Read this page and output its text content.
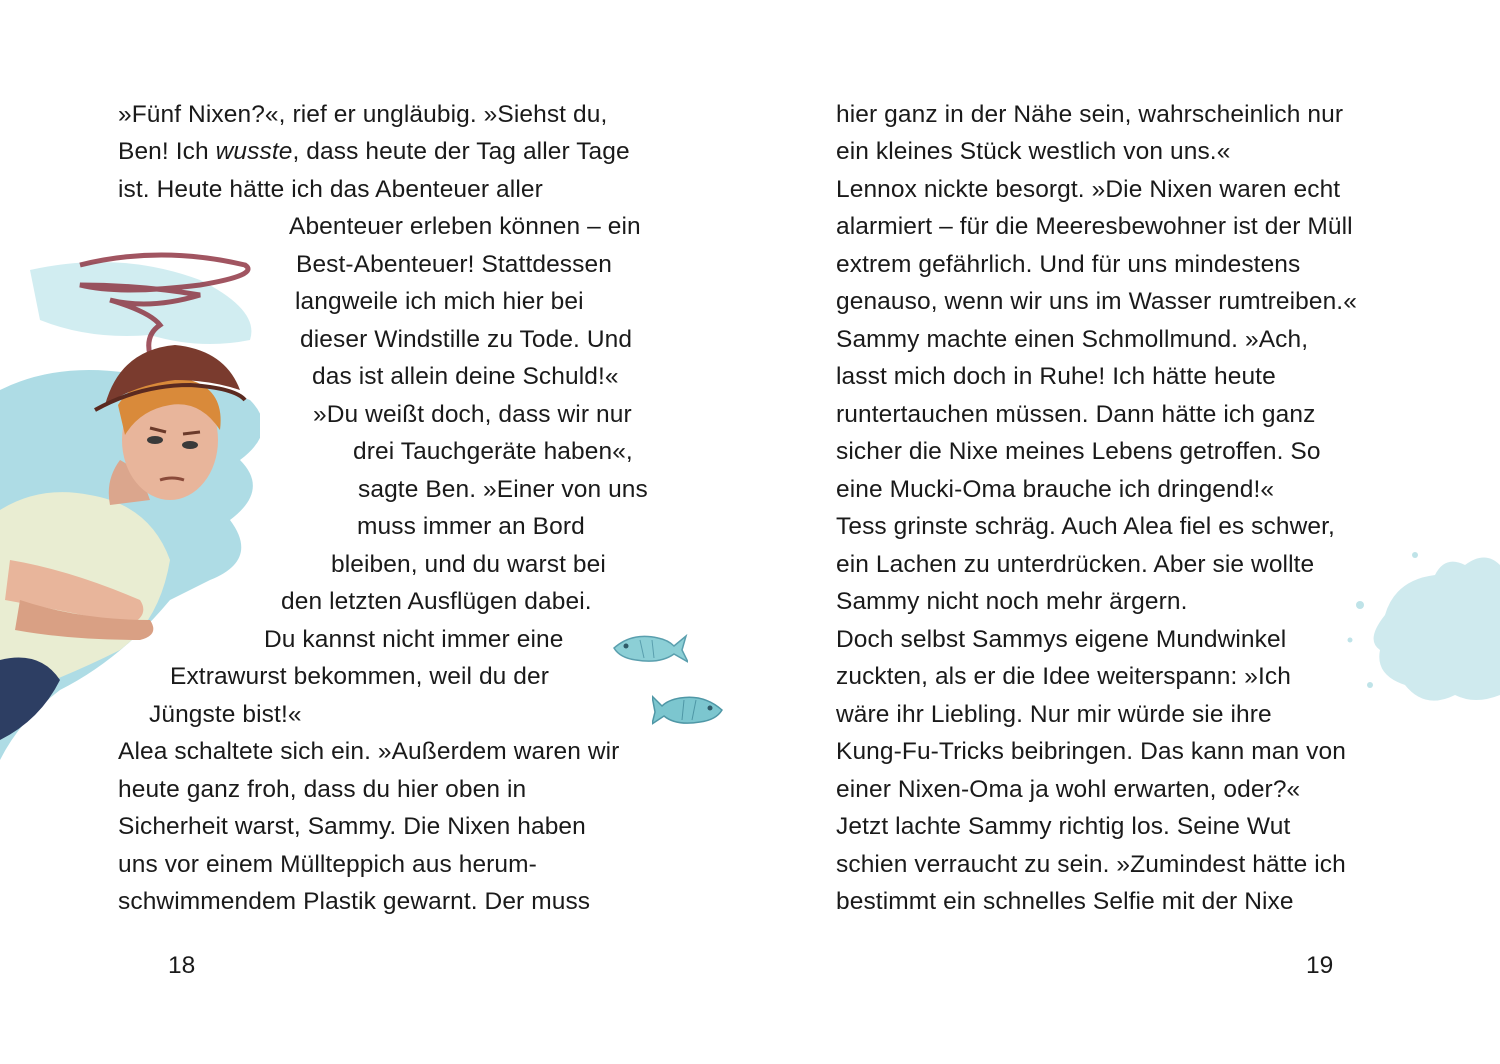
»Fünf Nixen?«, rief er ungläubig. »Siehst du,
Ben! Ich wusste, dass heute der Tag aller Tage
ist. Heute hätte ich das Abenteuer aller
Abenteuer erleben können – ein
Best-Abenteuer! Stattdessen
langweile ich mich hier bei
dieser Windstille zu Tode. Und
das ist allein deine Schuld!«
»Du weißt doch, dass wir nur
drei Tauchgeräte haben«,
sagte Ben. »Einer von uns
muss immer an Bord
bleiben, und du warst bei
den letzten Ausflügen dabei.
Du kannst nicht immer eine
Extrawurst bekommen, weil du der
Jüngste bist!«
Alea schaltete sich ein. »Außerdem waren wir
heute ganz froh, dass du hier oben in
Sicherheit warst, Sammy. Die Nixen haben
uns vor einem Müllteppich aus herum-
schwimmendem Plastik gewarnt. Der muss
18
hier ganz in der Nähe sein, wahrscheinlich nur
ein kleines Stück westlich von uns.«
Lennox nickte besorgt. »Die Nixen waren echt
alarmiert – für die Meeresbewohner ist der Müll
extrem gefährlich. Und für uns mindestens
genauso, wenn wir uns im Wasser rumtreiben.«
Sammy machte einen Schmollmund. »Ach,
lasst mich doch in Ruhe! Ich hätte heute
runtertauchen müssen. Dann hätte ich ganz
sicher die Nixe meines Lebens getroffen. So
eine Mucki-Oma brauche ich dringend!«
Tess grinste schräg. Auch Alea fiel es schwer,
ein Lachen zu unterdrücken. Aber sie wollte
Sammy nicht noch mehr ärgern.
Doch selbst Sammys eigene Mundwinkel
zuckten, als er die Idee weiterspann: »Ich
wäre ihr Liebling. Nur mir würde sie ihre
Kung-Fu-Tricks beibringen. Das kann man von
einer Nixen-Oma ja wohl erwarten, oder?«
Jetzt lachte Sammy richtig los. Seine Wut
schien verraucht zu sein. »Zumindest hätte ich
bestimmt ein schnelles Selfie mit der Nixe
19
